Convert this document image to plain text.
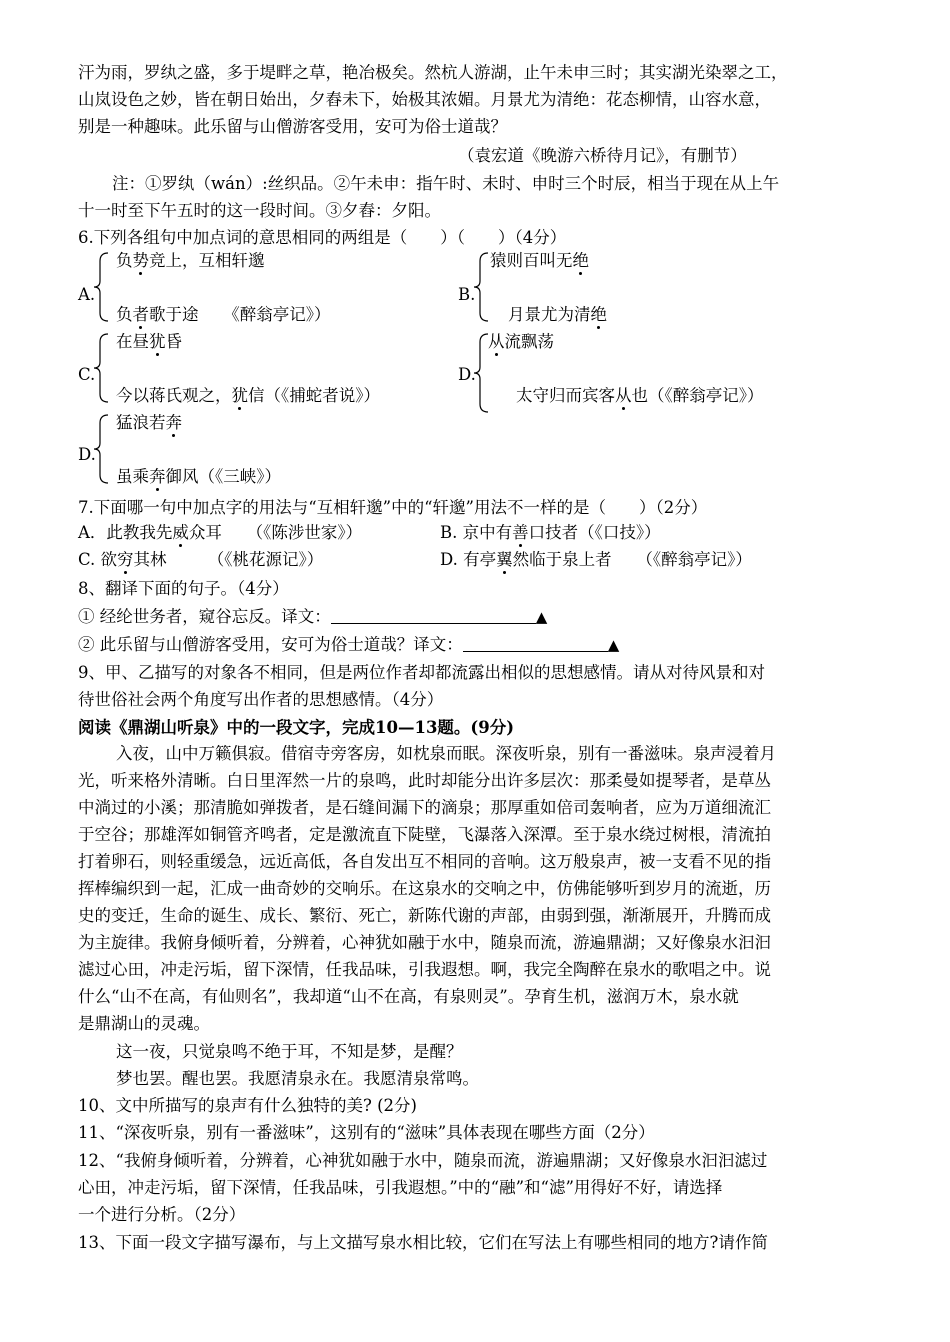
汗为雨，罗纨之盛，多于堤畔之草，艳冶极矣。然杭人游湖，止午未申三时；其实湖光染翠之工，
山岚设色之妙，皆在朝日始出，夕舂未下，始极其浓媚。月景尤为清绝：花态柳情，山容水意，
别是一种趣味。此乐留与山僧游客受用，安可为俗士道哉？
（袁宏道《晚游六桥待月记》，有删节）
注：①罗纨（wán）:丝织品。②午未申：指午时、未时、申时三个时辰，相当于现在从上午
十一时至下午五时的这一段时间。③夕舂：夕阳。
6.下列各组句中加点词的意思相同的两组是（　　）（　　）（4分）
A.
负势竞上，互相轩邈
负者歌于途　　《醉翁亭记》）
B.
猿则百叫无绝
月景尤为清绝
C.
在昼犹昏
今以蒋氏观之，犹信（《捕蛇者说》）
D.
从流飘荡
太守归而宾客从也（《醉翁亭记》）
D.
猛浪若奔
虽乘奔御风（《三峡》）
7.下面哪一句中加点字的用法与“互相轩邈”中的“轩邈”用法不一样的是（　　）（2分）
A．此教我先威众耳　　（《陈涉世家》）	B. 京中有善口技者（《口技》）
C. 欲穷其林　　　（《桃花源记》）	D. 有亭翼然临于泉上者　　（《醉翁亭记》）
8、翻译下面的句子。（4分）
① 经纶世务者，窥谷忘反。译文：	▲
② 此乐留与山僧游客受用，安可为俗士道哉？译文：	▲
9、甲、乙描写的对象各不相同，但是两位作者却都流露出相似的思想感情。请从对待风景和对
待世俗社会两个角度写出作者的思想感情。（4分）
阅读《鼎湖山听泉》中的一段文字，完成10—13题。(9分)
入夜，山中万籁俱寂。借宿寺旁客房，如枕泉而眠。深夜听泉，别有一番滋味。泉声浸着月
光，听来格外清晰。白日里浑然一片的泉鸣，此时却能分出许多层次：那柔曼如提琴者，是草丛
中淌过的小溪；那清脆如弹拨者，是石缝间漏下的滴泉；那厚重如倍司轰响者，应为万道细流汇
于空谷；那雄浑如铜管齐鸣者，定是激流直下陡壁，飞瀑落入深潭。至于泉水绕过树根，清流拍
打着卵石，则轻重缓急，远近高低，各自发出互不相同的音响。这万般泉声，被一支看不见的指
挥棒编织到一起，汇成一曲奇妙的交响乐。在这泉水的交响之中，仿佛能够听到岁月的流逝，历
史的变迁，生命的诞生、成长、繁衍、死亡，新陈代谢的声部，由弱到强，渐渐展开，升腾而成
为主旋律。我俯身倾听着，分辨着，心神犹如融于水中，随泉而流，游遍鼎湖；又好像泉水汩汩
滤过心田，冲走污垢，留下深情，任我品味，引我遐想。啊，我完全陶醉在泉水的歌唱之中。说
什么“山不在高，有仙则名”，我却道“山不在高，有泉则灵”。孕育生机，滋润万木，泉水就
是鼎湖山的灵魂。
这一夜，只觉泉鸣不绝于耳，不知是梦，是醒？
梦也罢。醒也罢。我愿清泉永在。我愿清泉常鸣。
10、文中所描写的泉声有什么独特的美? (2分)
11、“深夜听泉，别有一番滋味”，这别有的“滋味”具体表现在哪些方面（2分）
12、“我俯身倾听着，分辨着，心神犹如融于水中，随泉而流，游遍鼎湖；又好像泉水汩汩滤过
心田，冲走污垢，留下深情，任我品味，引我遐想。”中的“融”和“滤”用得好不好，请选择
一个进行分析。（2分）
13、下面一段文字描写瀑布，与上文描写泉水相比较，它们在写法上有哪些相同的地方?请作简
